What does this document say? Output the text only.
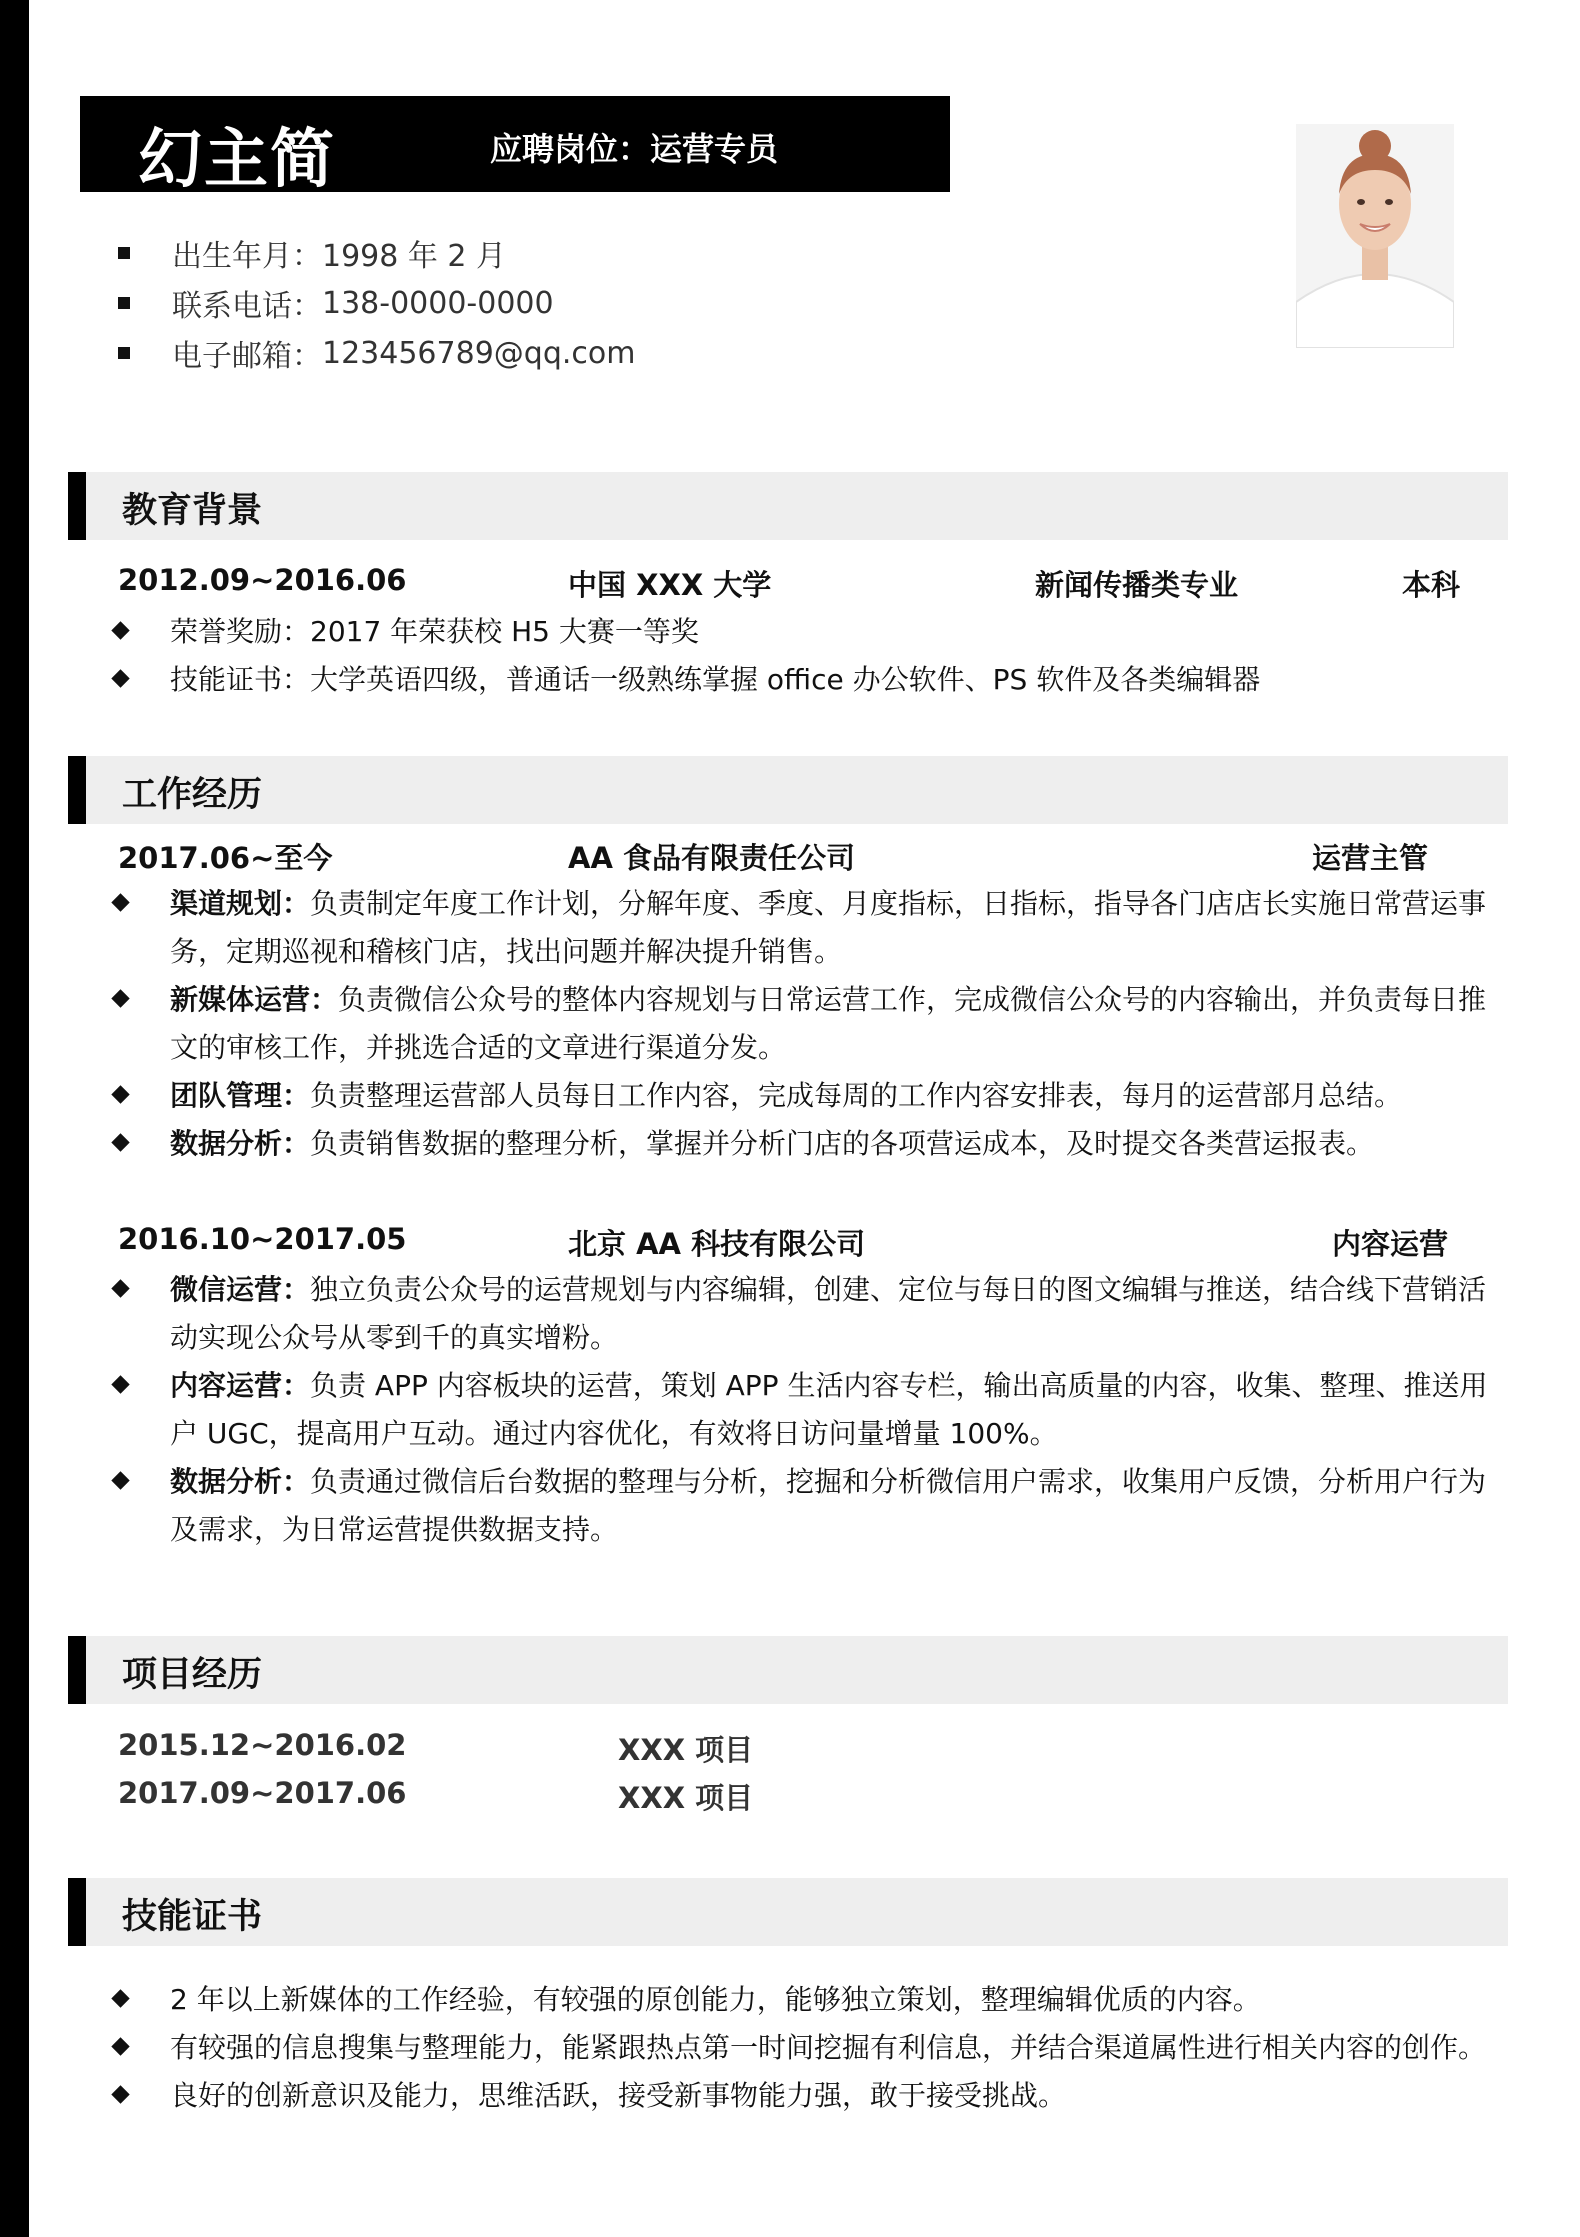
幻主简	应聘岗位：运营专员
出生年月： 1998 年 2 月
联系电话： 138-0000-0000
电子邮箱： 123456789@qq.com
教育背景
2012.09~2016.06	中国 XXX 大学	新闻传播类专业	本科
荣誉奖励：2017 年荣获校 H5 大赛一等奖
技能证书：大学英语四级，普通话一级熟练掌握 office 办公软件、PS 软件及各类编辑器
工作经历
2017.06~至今	AA 食品有限责任公司	运营主管
渠道规划：负责制定年度工作计划，分解年度、季度、月度指标，日指标，指导各门店店长实施日常营运事务，定期巡视和稽核门店，找出问题并解决提升销售。
新媒体运营：负责微信公众号的整体内容规划与日常运营工作，完成微信公众号的内容输出，并负责每日推文的审核工作，并挑选合适的文章进行渠道分发。
团队管理：负责整理运营部人员每日工作内容，完成每周的工作内容安排表，每月的运营部月总结。
数据分析：负责销售数据的整理分析，掌握并分析门店的各项营运成本，及时提交各类营运报表。
2016.10~2017.05	北京 AA 科技有限公司	内容运营
微信运营：独立负责公众号的运营规划与内容编辑，创建、定位与每日的图文编辑与推送，结合线下营销活动实现公众号从零到千的真实增粉。
内容运营：负责 APP 内容板块的运营，策划 APP 生活内容专栏，输出高质量的内容，收集、整理、推送用户 UGC，提高用户互动。通过内容优化，有效将日访问量增量 100%。
数据分析：负责通过微信后台数据的整理与分析，挖掘和分析微信用户需求，收集用户反馈，分析用户行为及需求，为日常运营提供数据支持。
项目经历
2015.12~2016.02	XXX 项目
2017.09~2017.06	XXX 项目
技能证书
2 年以上新媒体的工作经验，有较强的原创能力，能够独立策划，整理编辑优质的内容。
有较强的信息搜集与整理能力，能紧跟热点第一时间挖掘有利信息，并结合渠道属性进行相关内容的创作。
良好的创新意识及能力，思维活跃，接受新事物能力强，敢于接受挑战。
